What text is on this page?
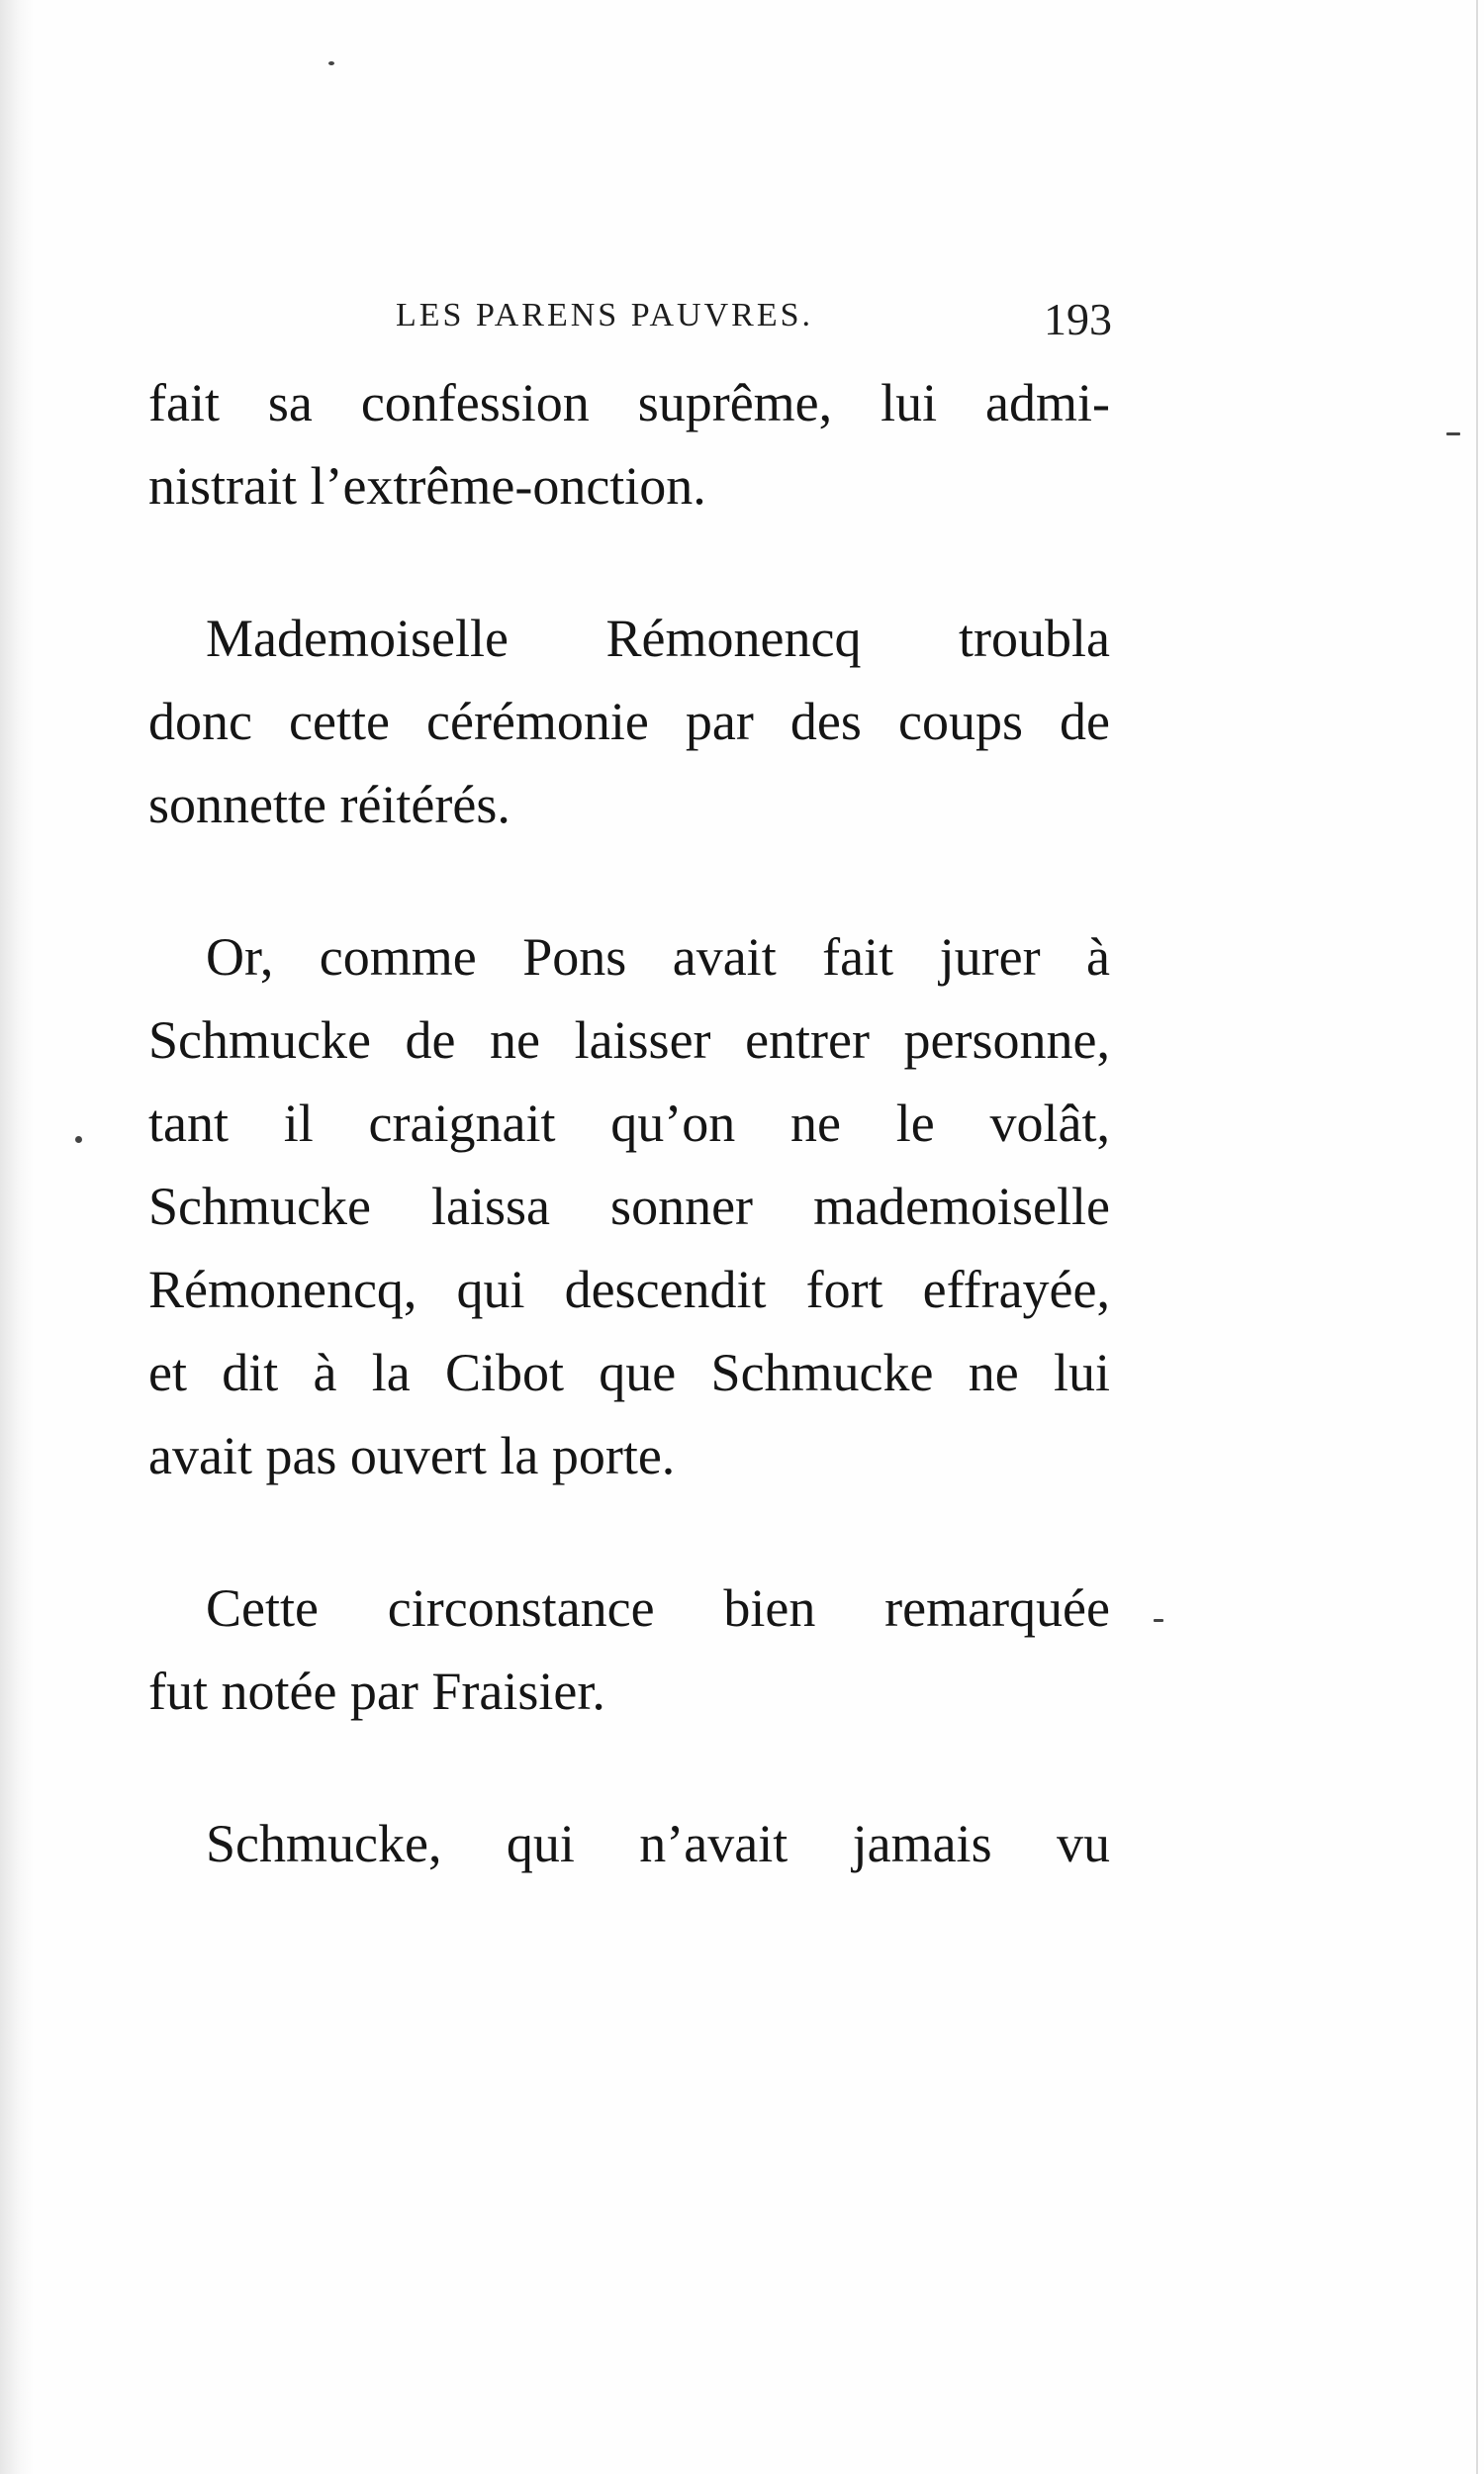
LES PARENS PAUVRES.	193
fait sa confession suprême, lui admi-
nistrait l’extrême-onction.
Mademoiselle Rémonencq troubla
donc cette cérémonie par des coups de
sonnette réitérés.
Or, comme Pons avait fait jurer à
Schmucke de ne laisser entrer personne,
tant il craignait qu’on ne le volât,
Schmucke laissa sonner mademoiselle
Rémonencq, qui descendit fort effrayée,
et dit à la Cibot que Schmucke ne lui
avait pas ouvert la porte.
Cette circonstance bien remarquée
fut notée par Fraisier.
Schmucke, qui n’avait jamais vu
